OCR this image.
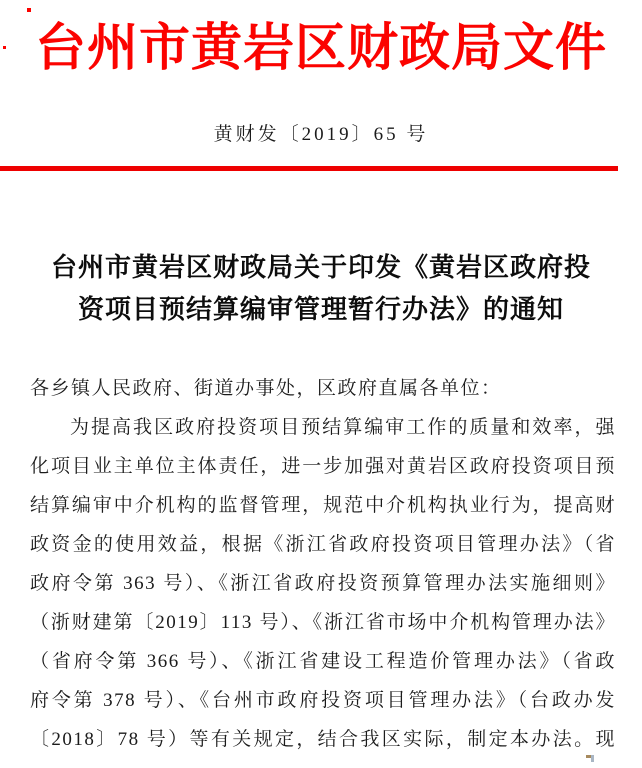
台州市黄岩区财政局文件
黄财发〔2019〕65 号
台州市黄岩区财政局关于印发《黄岩区政府投
资项目预结算编审管理暂行办法》的通知
各乡镇人民政府、街道办事处，区政府直属各单位：
为提高我区政府投资项目预结算编审工作的质量和效率，强
化项目业主单位主体责任，进一步加强对黄岩区政府投资项目预
结算编审中介机构的监督管理，规范中介机构执业行为，提高财
政资金的使用效益，根据《浙江省政府投资项目管理办法》（省
政府令第 363 号）、《浙江省政府投资预算管理办法实施细则》
（浙财建第〔2019〕113 号）、《浙江省市场中介机构管理办法》
（省府令第 366 号）、《浙江省建设工程造价管理办法》（省政
府令第 378 号）、《台州市政府投资项目管理办法》（台政办发
〔2018〕78 号）等有关规定，结合我区实际，制定本办法。现
